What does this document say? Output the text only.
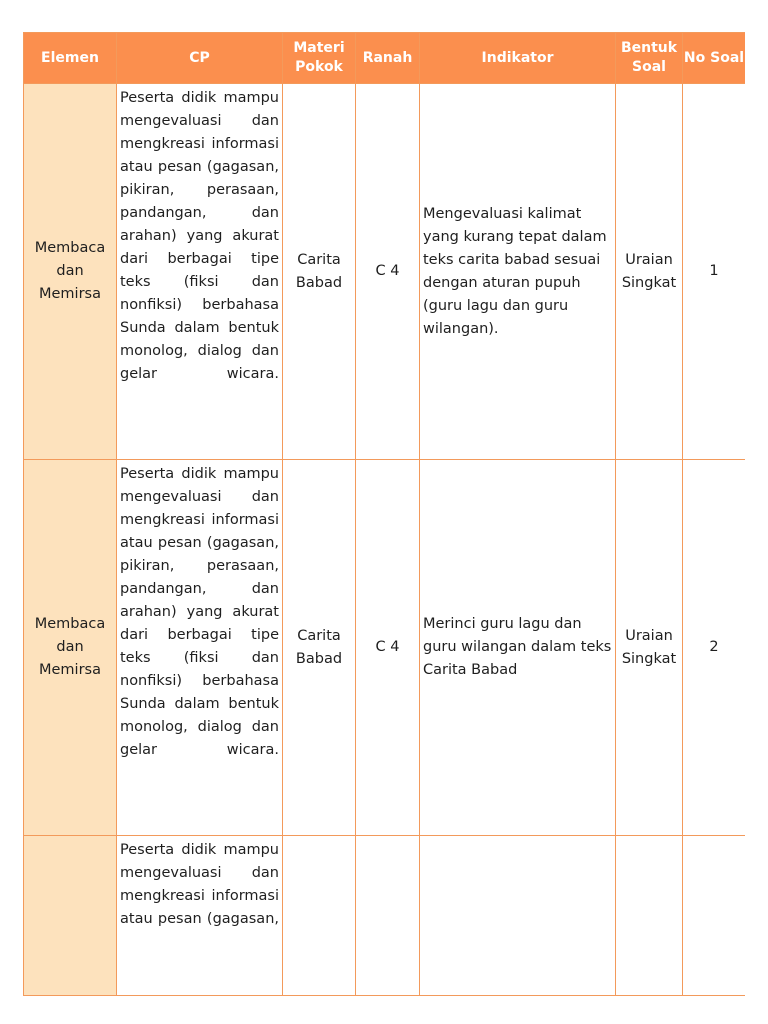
Elemen	CP	Materi Pokok	Ranah	Indikator	Bentuk Soal	No Soal
Membaca dan Memirsa	Peserta didik mampu mengevaluasi dan mengkreasi informasi atau pesan (gagasan, pikiran, perasaan, pandangan, dan arahan) yang akurat dari berbagai tipe teks (fiksi dan nonfiksi) berbahasa Sunda dalam bentuk monolog, dialog dan gelar wicara.	Carita Babad	C 4	Mengevaluasi kalimat yang kurang tepat dalam teks carita babad sesuai dengan aturan pupuh (guru lagu dan guru wilangan).	Uraian Singkat	1
Membaca dan Memirsa	Peserta didik mampu mengevaluasi dan mengkreasi informasi atau pesan (gagasan, pikiran, perasaan, pandangan, dan arahan) yang akurat dari berbagai tipe teks (fiksi dan nonfiksi) berbahasa Sunda dalam bentuk monolog, dialog dan gelar wicara.	Carita Babad	C 4	Merinci guru lagu dan guru wilangan dalam teks Carita Babad	Uraian Singkat	2
	Peserta didik mampu mengevaluasi dan mengkreasi informasi atau pesan (gagasan,					
